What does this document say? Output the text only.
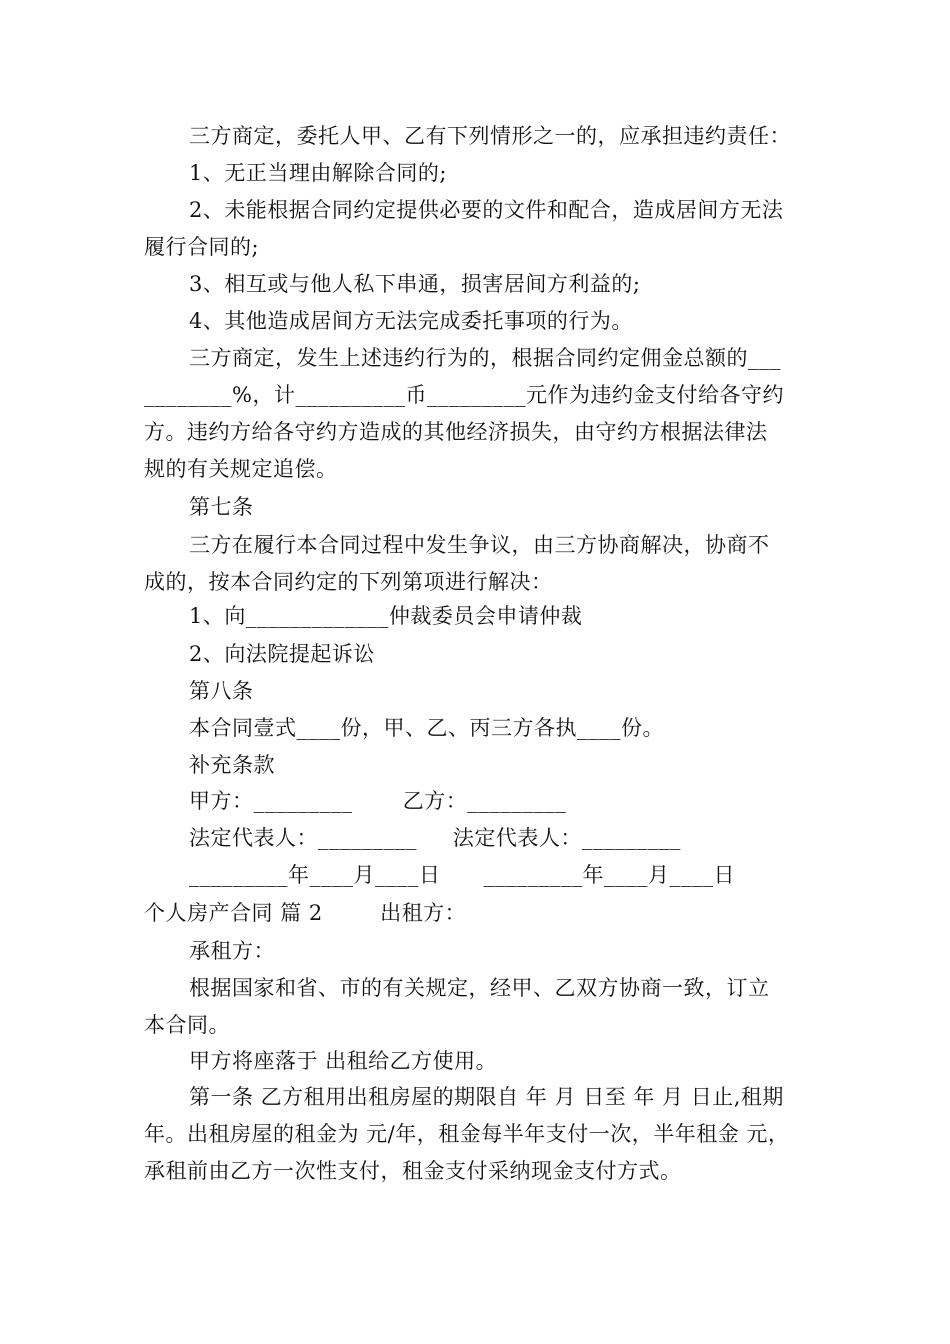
三方商定，委托人甲、乙有下列情形之一的，应承担违约责任：
1、无正当理由解除合同的;
2、未能根据合同约定提供必要的文件和配合，造成居间方无法
履行合同的;
3、相互或与他人私下串通，损害居间方利益的;
4、其他造成居间方无法完成委托事项的行为。
三方商定，发生上述违约行为的，根据合同约定佣金总额的___
________%，计__________币_________元作为违约金支付给各守约
方。违约方给各守约方造成的其他经济损失，由守约方根据法律法
规的有关规定追偿。
第七条
三方在履行本合同过程中发生争议，由三方协商解决，协商不
成的，按本合同约定的下列第项进行解决：
1、向_____________仲裁委员会申请仲裁
2、向法院提起诉讼
第八条
本合同壹式____份，甲、乙、丙三方各执____份。
补充条款
甲方：_________       乙方：_________
法定代表人：_________     法定代表人：_________
_________年____月____日      _________年____月____日
个人房产合同 篇 2        出租方：
承租方：
根据国家和省、市的有关规定，经甲、乙双方协商一致，订立
本合同。
甲方将座落于 出租给乙方使用。
第一条 乙方租用出租房屋的期限自 年 月 日至 年 月 日止,租期
年。出租房屋的租金为 元/年，租金每半年支付一次，半年租金 元，
承租前由乙方一次性支付，租金支付采纳现金支付方式。
